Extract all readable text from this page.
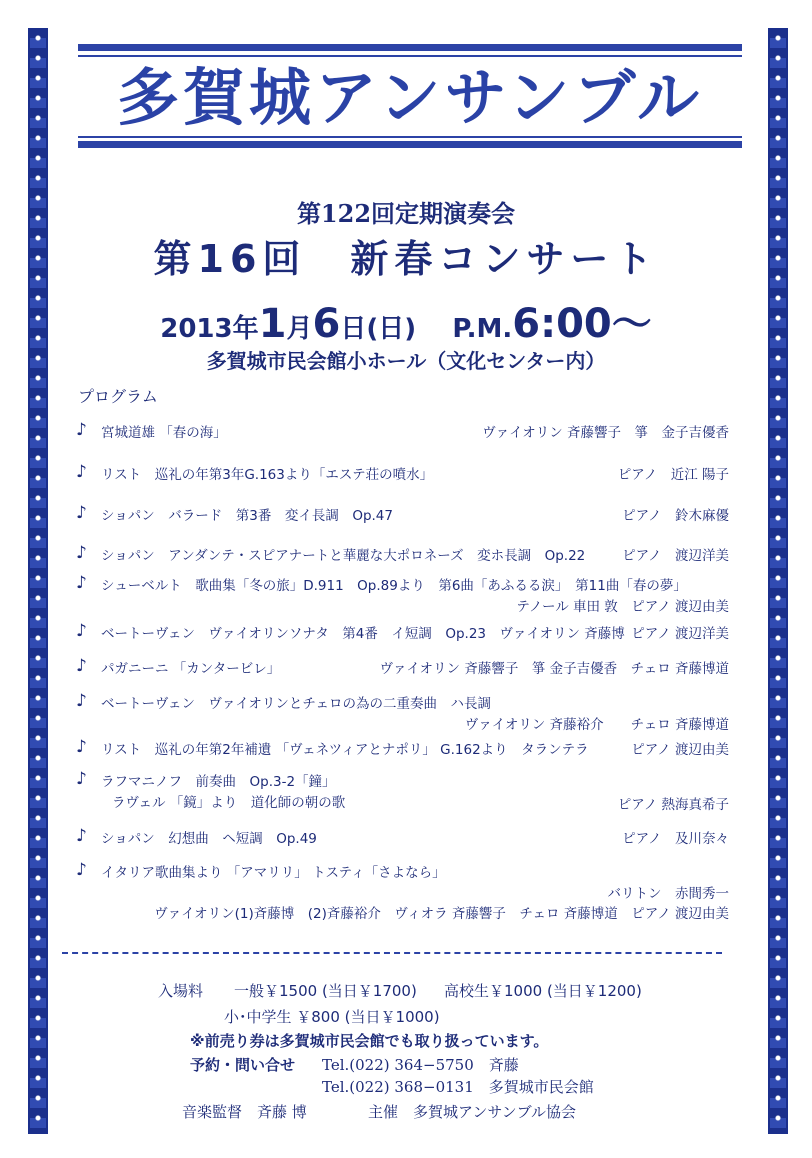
多賀城アンサンブル
第122回定期演奏会
第16回　新春コンサート
2013年1月6日(日) P.M.6:00〜
多賀城市民会館小ホール（文化センター内）
プログラム
♪ 宮城道雄 「春の海」	ヴァイオリン 斉藤響子　箏　金子吉優香
♪ リスト　巡礼の年第3年G.163より「エステ荘の噴水」	ピアノ　近江 陽子
♪ ショパン　バラード　第3番　変イ長調　Op.47	ピアノ　鈴木麻優
♪ ショパン　アンダンテ・スピアナートと華麗な大ポロネーズ　変ホ長調　Op.22	ピアノ　渡辺洋美
♪ シューベルト　歌曲集「冬の旅」D.911　Op.89より　第6曲「あふるる涙」　第11曲「春の夢」
テノール 車田 敦　ピアノ 渡辺由美
♪ ベートーヴェン　ヴァイオリンソナタ　第4番　イ短調　Op.23　ヴァイオリン 斉藤博 ピアノ 渡辺洋美
♪ パガニーニ 「カンタービレ」	ヴァイオリン 斉藤響子　箏 金子吉優香　チェロ 斉藤博道
♪ ベートーヴェン　ヴァイオリンとチェロの為の二重奏曲　ハ長調
ヴァイオリン 斉藤裕介　　チェロ 斉藤博道
♪ リスト　巡礼の年第2年補遺 「ヴェネツィアとナポリ」 G.162より　タランテラ	ピアノ 渡辺由美
♪ ラフマニノフ　前奏曲　Op.3-2「鐘」
ラヴェル 「鏡」より　道化師の朝の歌	ピアノ 熱海真希子
♪ ショパン　幻想曲　ヘ短調　Op.49	ピアノ　及川奈々
♪ イタリア歌曲集より 「アマリリ」 トスティ「さよなら」
バリトン　赤間秀一
ヴァイオリン(1)斉藤博　(2)斉藤裕介　ヴィオラ 斉藤響子　チェロ 斉藤博道　ピアノ 渡辺由美
入場料 一般￥1500 (当日￥1700) 高校生￥1000 (当日￥1200)
小･中学生 ￥800 (当日￥1000)
※前売り券は多賀城市民会館でも取り扱っています。
予約・問い合せ Tel.(022) 364−5750　斉藤
Tel.(022) 368−0131　多賀城市民会館
音楽監督　斉藤 博	主催　多賀城アンサンブル協会
